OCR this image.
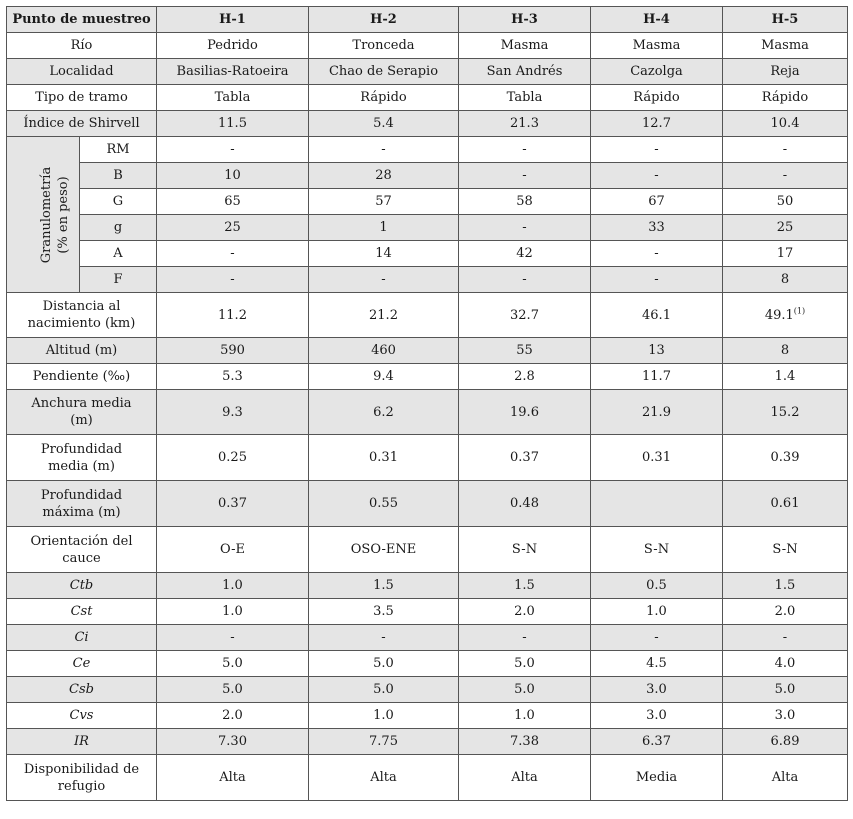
Punto de muestreo		H-1	H-2	H-3	H-4	H-5
Río		Pedrido	Tronceda	Masma	Masma	Masma
Localidad		Basilias-Ratoeira	Chao de Serapio	San Andrés	Cazolga	Reja
Tipo de tramo		Tabla	Rápido	Tabla	Rápido	Rápido
Índice de Shirvell		11.5	5.4	21.3	12.7	10.4
Granulometría (% en peso)	RM	-	-	-	-	-
	B	10	28	-	-	-
	G	65	57	58	67	50
	g	25	1	-	33	25
	A	-	14	42	-	17
	F	-	-	-	-	8
Distancia al
nacimiento (km)		11.2	21.2	32.7	46.1	49.1$^{(1)}$
Altitud (m)		590	460	55	13	8
Pendiente (‰)		5.3	9.4	2.8	11.7	1.4
Anchura media
(m)		9.3	6.2	19.6	21.9	15.2
Profundidad
media (m)		0.25	0.31	0.37	0.31	0.39
Profundidad
máxima (m)		0.37	0.55	0.48		0.61
Orientación del
cauce		O-E	OSO-ENE	S-N	S-N	S-N
Ctb		1.0	1.5	1.5	0.5	1.5
Cst		1.0	3.5	2.0	1.0	2.0
Ci		-	-	-	-	-
Ce		5.0	5.0	5.0	4.5	4.0
Csb		5.0	5.0	5.0	3.0	5.0
Cvs		2.0	1.0	1.0	3.0	3.0
IR		7.30	7.75	7.38	6.37	6.89
Disponibilidad de
refugio		Alta	Alta	Alta	Media	Alta
